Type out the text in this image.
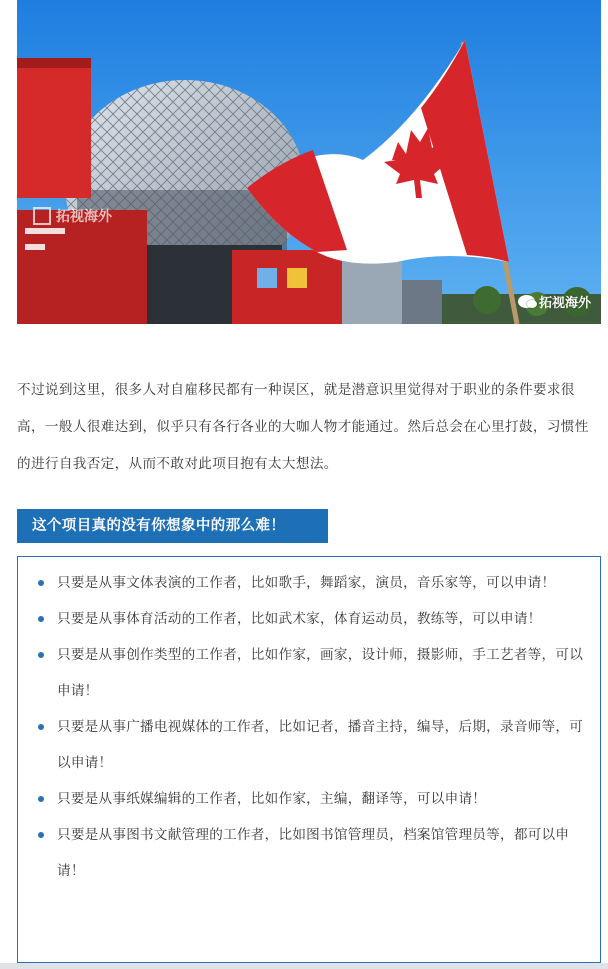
拓视海外
拓视海外

不过说到这里，很多人对自雇移民都有一种误区，就是潜意识里觉得对于职业的条件要求很高，一般人很难达到，似乎只有各行各业的大咖人物才能通过。然后总会在心里打鼓，习惯性的进行自我否定，从而不敢对此项目抱有太大想法。

这个项目真的没有你想象中的那么难！
只要是从事文体表演的工作者，比如歌手，舞蹈家，演员，音乐家等，可以申请！
只要是从事体育活动的工作者，比如武术家，体育运动员，教练等，可以申请！
只要是从事创作类型的工作者，比如作家，画家，设计师，摄影师，手工艺者等，可以申请！
只要是从事广播电视媒体的工作者，比如记者，播音主持，编导，后期，录音师等，可以申请！
只要是从事纸媒编辑的工作者，比如作家，主编，翻译等，可以申请！
只要是从事图书文献管理的工作者，比如图书馆管理员，档案馆管理员等，都可以申请！
